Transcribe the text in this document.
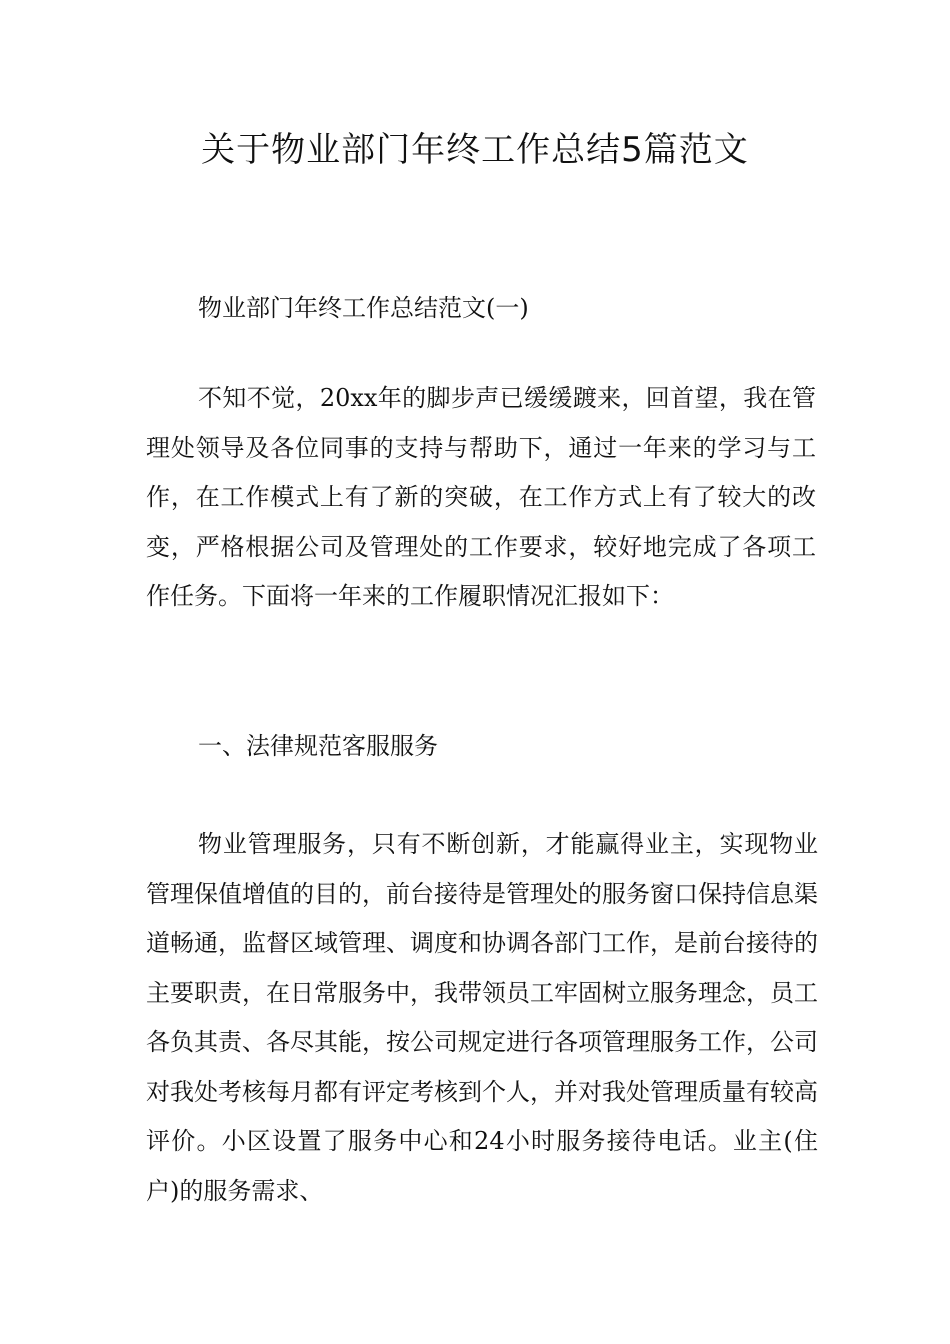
关于物业部门年终工作总结5篇范文

物业部门年终工作总结范文(一)

不知不觉，20xx年的脚步声已缓缓踱来，回首望，我在管理处领导及各位同事的支持与帮助下，通过一年来的学习与工作，在工作模式上有了新的突破，在工作方式上有了较大的改变，严格根据公司及管理处的工作要求，较好地完成了各项工作任务。下面将一年来的工作履职情况汇报如下：

一、法律规范客服服务

物业管理服务，只有不断创新，才能赢得业主，实现物业管理保值增值的目的，前台接待是管理处的服务窗口保持信息渠道畅通，监督区域管理、调度和协调各部门工作，是前台接待的主要职责，在日常服务中，我带领员工牢固树立服务理念，员工各负其责、各尽其能，按公司规定进行各项管理服务工作，公司对我处考核每月都有评定考核到个人，并对我处管理质量有较高评价。小区设置了服务中心和24小时服务接待电话。业主(住户)的服务需求、
